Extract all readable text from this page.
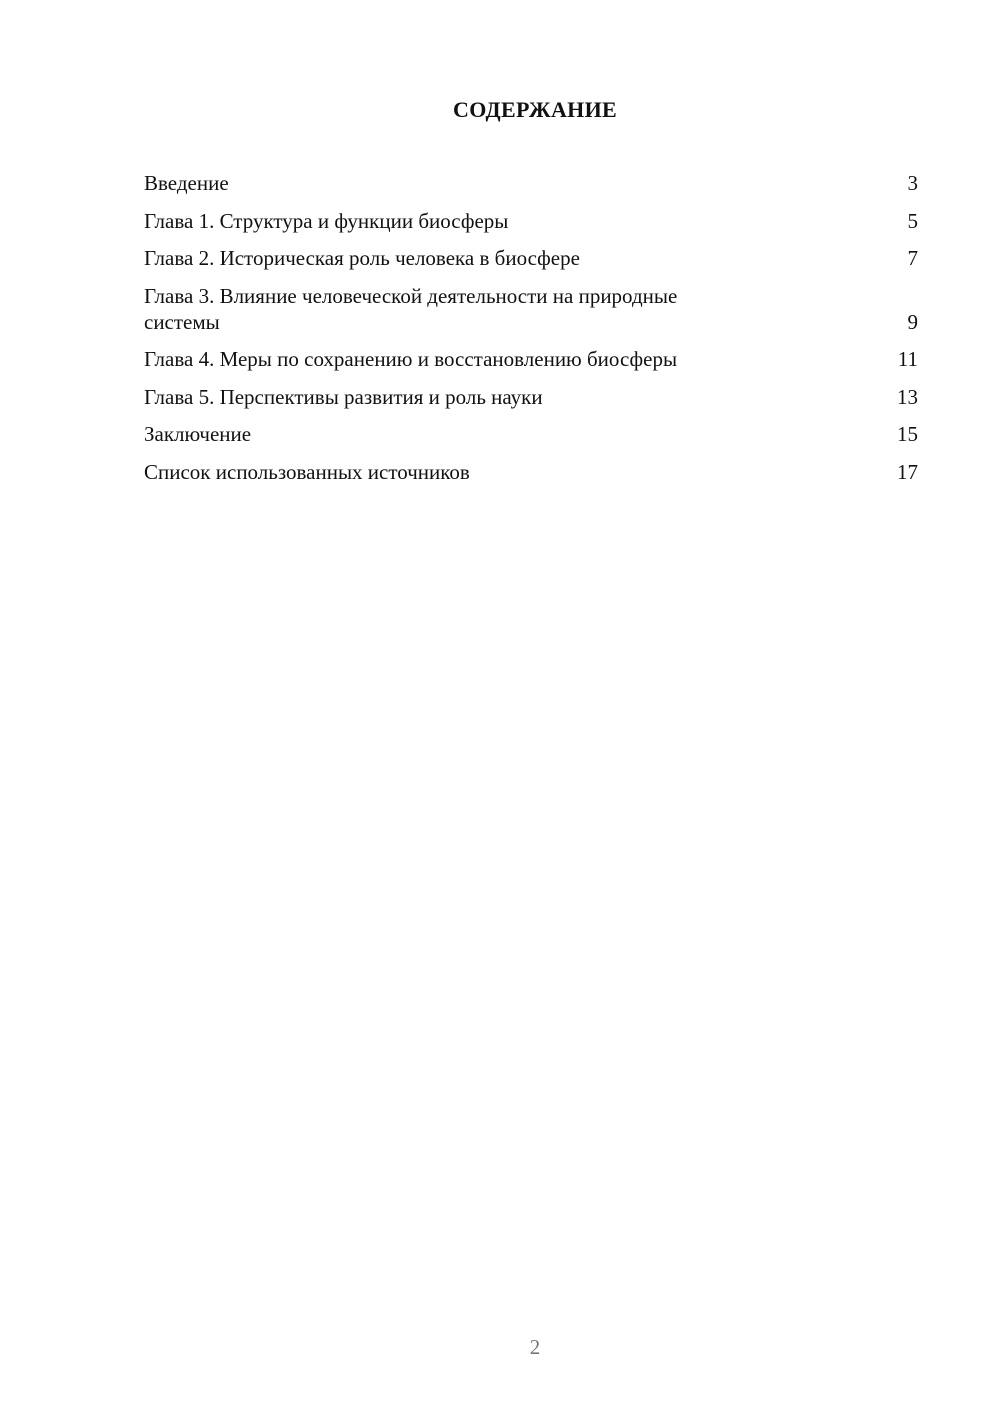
СОДЕРЖАНИЕ
Введение	3
Глава 1. Структура и функции биосферы	5
Глава 2. Историческая роль человека в биосфере	7
Глава 3. Влияние человеческой деятельности на природные
системы	9
Глава 4. Меры по сохранению и восстановлению биосферы	11
Глава 5. Перспективы развития и роль науки	13
Заключение	15
Список использованных источников	17
2
